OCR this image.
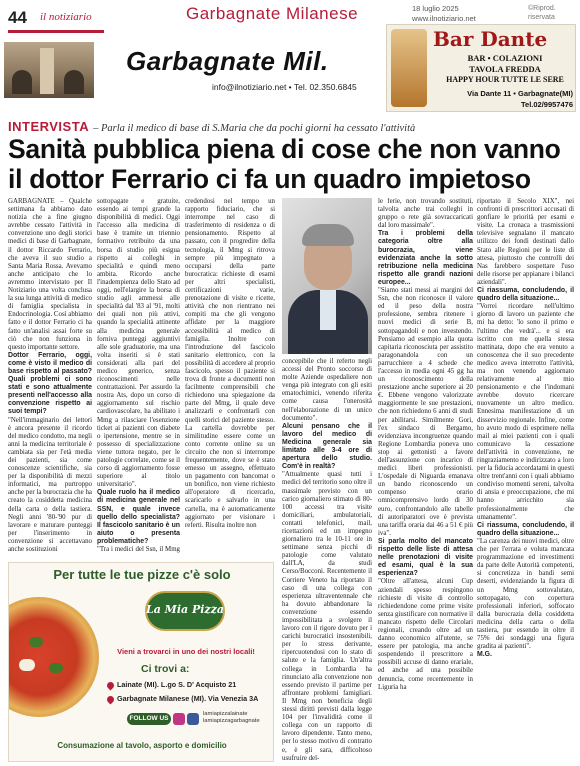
44 il notiziario	Garbagnate Milanese	18 luglio 2025
www.ilnotiziario.net
©Riprod.
riservata
Garbagnate Mil.
info@ilnotiziario.net • Tel. 02.350.6845
Bar Dante
BAR • COLAZIONI
TAVOLA FREDDA
HAPPY HOUR TUTTE LE SERE
Via Dante 11 • Garbagnate(MI)
Tel.02/9957476
INTERVISTA – Parla il medico di base di S.Maria che da pochi giorni ha cessato l'attività
Sanità pubblica piena di cose che non vanno il dottor Ferrario ci fa un quadro impietoso
GARBAGNATE – Qualche settimana fa abbiamo dato notizia che a fine giugno avrebbe cessato l'attività in convenzione uno degli storici medici di base di Garbagnate, il dottor Riccardo Ferrario, che aveva il suo studio a Santa Maria Rossa. Avevamo anche anticipato che lo avremmo intervistato per Il Notiziario una volta conclusa la sua lunga attività di medico di famiglia specialista in Endocrinologia. Così abbiamo fatto e il dottor Ferrario ci ha fatto un'analisi assai forte su ciò che non funziona in questo importante settore.
Dottor Ferrario, oggi, come è visto il medico di base rispetto al passato? Quali problemi ci sono stati e sono attualmente presenti nell'accesso alla convenzione rispetto ai suoi tempi?
"Nell'immaginario dei lettori è ancora presente il ricordo del medico condotto, ma negli anni la medicina territoriale è cambiata sia per l'età media dei pazienti, sia come conoscenze scientifiche, sia per la disponibilità di mezzi informatici, ma purtroppo anche per la burocrazia che ha creato la cosiddetta medicina della carta o della tastiera. Negli anni '80-'90 pur di lavorare e maturare punteggi per l'inserimento in convenzione si accettavano anche sostituzioni
sottopagate e gratuite, essendo ai tempi grande la disponibilità di medici. Oggi l'accesso alla medicina di base è tramite un triennio formativo retribuito da una borsa di studio più esigua rispetto ai colleghi in specialità e quindi meno ambita. Ricordo anche l'inadempienza dello Stato ad oggi, nell'elargire la borsa di studio agli ammessi alle specialità dal '83 al '91, molti dei quali non più attivi, quando la specialità attinente alla medicina generale forniva punteggi aggiuntivi alle sole graduatorie, ma una volta inseriti si è stati considerati alla pari del medico generico, senza riconoscimenti nelle contrattazioni. Per assurdo la nostra Ats, dopo un corso di aggiornamento sul rischio cardiovascolare, ha abilitato i Mmg a rilasciare l'esenzione ticket ai pazienti con diabete o ipertensione, mentre se in possesso di specializzazione viene tuttora negato, per le patologie correlate, come se il corso di aggiornamento fosse superiore al titolo universitario".
Quale ruolo ha il medico di medicina generale nel SSN, e quale invece quello dello specialista? Il fascicolo sanitario è un aiuto o presenta problematiche?
"Tra i medici del Ssn, il Mmg
credendosi nel tempo un rapporto fiduciario, che si interrompe nel caso di trasferimento di residenza o di pensionamento. Rispetto al passato, con il progredire della tecnologia, il Mmg si ritrova sempre più impegnato a occuparsi della parte burocratica: richieste di esami per altri specialisti, certificazioni varie, prenotazione di visite e ricette, attività che non rientrano nei compiti ma che gli vengono affidate per la maggiore accessibilità al medico di famiglia. Inoltre con l'introduzione del fascicolo sanitario elettronico, con la possibilità di accedere al proprio fascicolo, spesso il paziente si trova di fronte a documenti non facilmente comprensibili che richiedono una spiegazione da parte del Mmg, il quale deve analizzarli e confrontarli con quelli storici del paziente stesso. La cartella dovrebbe per similitudine essere come un conto corrente online su un circuito che non si interrompe frequentemente, dove se è stato emesso un assegno, effettuato un pagamento con bancomat o un bonifico, non viene richiesto all'operatore di ricercarlo, scaricarlo e salvarlo in una cartella, ma è automaticamente aggiornato per visionare i referti. Risulta inoltre non
concepibile che il referto negli accessi del Pronto soccorso di molte Aziende ospedaliere non venga più integrato con gli esiti ematochimici, venendo riferita come causa l'onerosità nell'elaborazione di un unico documento".
Alcuni pensano che il lavoro del medico di Medicina generale sia limitato alle 3-4 ore di apertura dello studio. Com'è in realtà?
"Attualmente quasi tutti i medici del territorio sono oltre il massimale previsto con un carico giornaliero stimato di 80-100 accessi tra visite domiciliari, ambulatoriali, contatti telefonici, mail, ricettazioni ed un impegno giornaliero tra le 10-11 ore in settimane senza picchi di patologie come valutato dall'LA, da studi Cerso/Bocconi. Recentemente il Corriere Veneto ha riportato il caso di una collega con esperienza ultraventennale che ha dovuto abbandonare la convenzione essendo impossibilitata a svolgere il lavoro con il rigore dovuto per i carichi burocratici insostenibili, per lo stress derivante, ripercuotendosi con lo stato di salute e la famiglia. Un'altra collega in Lombardia ha rinunciato alla convenzione non essendo previsto il partime per affrontare problemi famigliari. Il Mmg non beneficia degli stessi diritti previsti dalla legge 104 per l'invalidità come il collega con un rapporto di lavoro dipendente. Tanto meno, per lo stesso motivo di contratto e, è gli sara, difficoltoso usufruire del-
le ferie, non trovando sostituti, talvolta anche trai colleghi in gruppo o rete già sovraccaricati dal loro massimale".
Tra i problemi della categoria oltre alla burocrazia, viene evidenziata anche la sotto retribuzione nella medicina rispetto alle grandi nazioni europee...
"Siamo stati messi ai margini del Ssn, che non riconosce il valore ed il peso della nostra professione, sembra ritenere i nuovi medici di serie B, sottopagandoli e non investendo. Pensiamo ad esempio alla quota capitaria riconosciuta per assistito paragonandola con un parrucchiere a 4 schede che l'accesso in media ogni 45 gg ha un riconoscimento della prestazione anche superiore ai 20 €. Ebbene vengono valorizzate maggiormente le sue prestazioni, che non richiedono 6 anni di studi per abilitarsi. Similmente Gori, l'ex sindaco di Bergamo, evidenziava incongruenze quando Regione Lombardia poneva uno stop ai gettonisti a favore dell'assunzione con incarico di medici liberi professionisti. L'ospedale di Niguarda emanava un bando riconoscendo un compenso orario omnicomprensivo lordo di 30 euro, confrontandolo alle tabelle di autoriparatori ove è prevista una tariffa oraria dai 46 a 51 € più iva".
Si parla molto del mancato rispetto delle liste di attesa nelle prenotazioni di visite ed esami, qual è la sua esperienza?
"Oltre all'attesa, alcuni Cup aziendali spesso respingono richieste di visite di controllo richiedendone come prime visite senza giustificare con normative il mancato rispetto delle Circolari regionali, creando oltre ad un danno economico all'utente, se essere per patologia, ma anche sospendendo il prescrittore a possibili accuse di danno erariale, ed anche ad una possibile denuncia, come recentemente in Liguria ha
riportato il Secolo XIX", nei confronti di prescrittori accusati di gonfiare le priorità per esami e visite. La cronaca a trasmissioni televisive segnalano il mancato utilizzo dei fondi destinati dallo Stato alle Regioni per le liste di attesa, piuttosto che controlli dei Nas farebbero sospettare l'uso delle risorse per appianare i bilanci aziendali".
Ci riassuma, concludendo, il quadro della situazione...
"Vorrei ricordare nell'ultimo giorno di lavoro un paziente che mi ha detto: 'lo sono il primo e l'ultimo che vedrà'... e si era iscritto con me quella stessa mattinata, dopo che era venuto a conoscenza che il suo precedente medico aveva interrotto l'attività, ma non venendo aggiornato relativamente al mio pensionamento e che l'indomani avrebbe dovuto ricercare nuovamente un altro medico. Ennesima manifestazione di un disservizio regionale. Infine, come ho avuto modo di esprimere nella mail ai miei pazienti con i quali comunicavo la cessazione dell'attività in convenzione, ne ringraziamento e indirizzato a loro per la fiducia accordatami in questi oltre trent'anni con i quali abbiamo condiviso momenti sereni, talvolta di ansia e preoccupazione, che mi hanno arricchito sia professionalmente che umanamente".
Ci riassuma, concludendo, il quadro della situazione...
"La carenza dei nuovi medici, oltre che per l'errata e voluta mancata programmazione ed investimenti da parte delle Autorità competenti, si concretizza in bandi semi deserti, evidenziando la figura di un Mmg sottovalutato, sottopagato, con copertura professionali inferiori, soffocato dalla burocrazia della cosiddetta medicina della carta o della tastiera, pur essendo in oltre il 75% dei sondaggi una figura gradita ai pazienti".
M.G.
Per tutte le tue pizze c'è solo
La Mia Pizza
Vieni a trovarci in uno dei nostri locali!
Ci trovi a:
Lainate (MI). L.go S. D' Acquisto 21
Garbagnate Milanese (MI). Via Venezia 3A
FOLLOW US
lamiapizzalainate
lamiapizzagarbagnate
Consumazione al tavolo, asporto e domicilio
